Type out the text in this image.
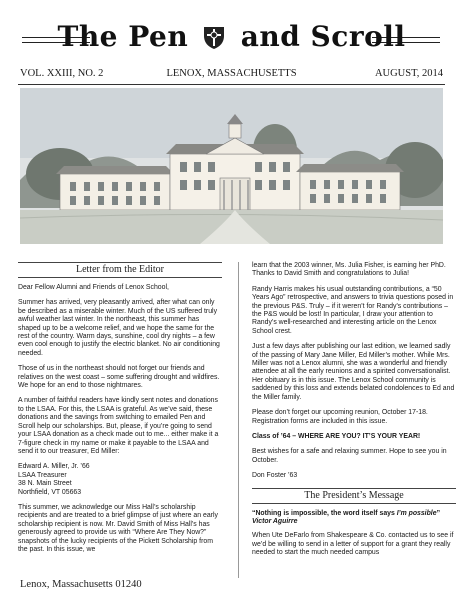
The Pen and Scroll
VOL. XXIII, NO. 2	LENOX, MASSACHUSETTS	AUGUST, 2014
Letter from the Editor

Dear Fellow Alumni and Friends of Lenox School,

Summer has arrived, very pleasantly arrived, after what can only be described as a miserable winter. Much of the US suffered truly awful weather last winter. In the northeast, this summer has shaped up to be a welcome relief, and we hope the same for the rest of the country. Warm days, sunshine, cool dry nights – a few even cool enough to justify the electric blanket. No air conditioning needed.

Those of us in the northeast should not forget our friends and relatives on the west coast – some suffering drought and wildfires. We hope for an end to those nightmares.

A number of faithful readers have kindly sent notes and donations to the LSAA. For this, the LSAA is grateful. As we’ve said, these donations and the savings from switching to emailed Pen and Scroll help our scholarships. But, please, if you’re going to send your LSAA donation as a check made out to me... either make it a 7-figure check in my name or make it payable to the LSAA and send it to our treasurer, Ed Miller:

Edward A. Miller, Jr. ’66
LSAA Treasurer
38 N. Main Street
Northfield, VT 05663

This summer, we acknowledge our Miss Hall’s scholarship recipients and are treated to a brief glimpse of just where an early scholarship recipient is now. Mr. David Smith of Miss Hall’s has generously agreed to provide us with “Where Are They Now?” snapshots of the lucky recipients of the Pickett Scholarship from the past. In this issue, we

learn that the 2003 winner, Ms. Julia Fisher, is earning her PhD. Thanks to David Smith and congratulations to Julia!

Randy Harris makes his usual outstanding contributions, a “50 Years Ago” retrospective, and answers to trivia questions posed in the previous P&S. Truly – if it weren’t for Randy’s contributions – the P&S would be lost! In particular, I draw your attention to Randy’s well-researched and interesting article on the Lenox School crest.

Just a few days after publishing our last edition, we learned sadly of the passing of Mary Jane Miller, Ed Miller’s mother. While Mrs. Miller was not a Lenox alumni, she was a wonderful and friendly attendee at all the early reunions and a spirited conversationalist. Her obituary is in this issue. The Lenox School community is saddened by this loss and extends belated condolences to Ed and the Miller family.

Please don’t forget our upcoming reunion, October 17-18. Registration forms are included in this issue.

Class of ’64 – WHERE ARE YOU? IT’S YOUR YEAR!

Best wishes for a safe and relaxing summer. Hope to see you in October.

Don Foster ’63

The President’s Message

“Nothing is impossible, the word itself says I’m possible”
Victor Aguirre

When Ute DeFarlo from Shakespeare & Co. contacted us to see if we’d be willing to send in a letter of support for a grant they really needed to start the much needed campus

Lenox, Massachusetts 01240
